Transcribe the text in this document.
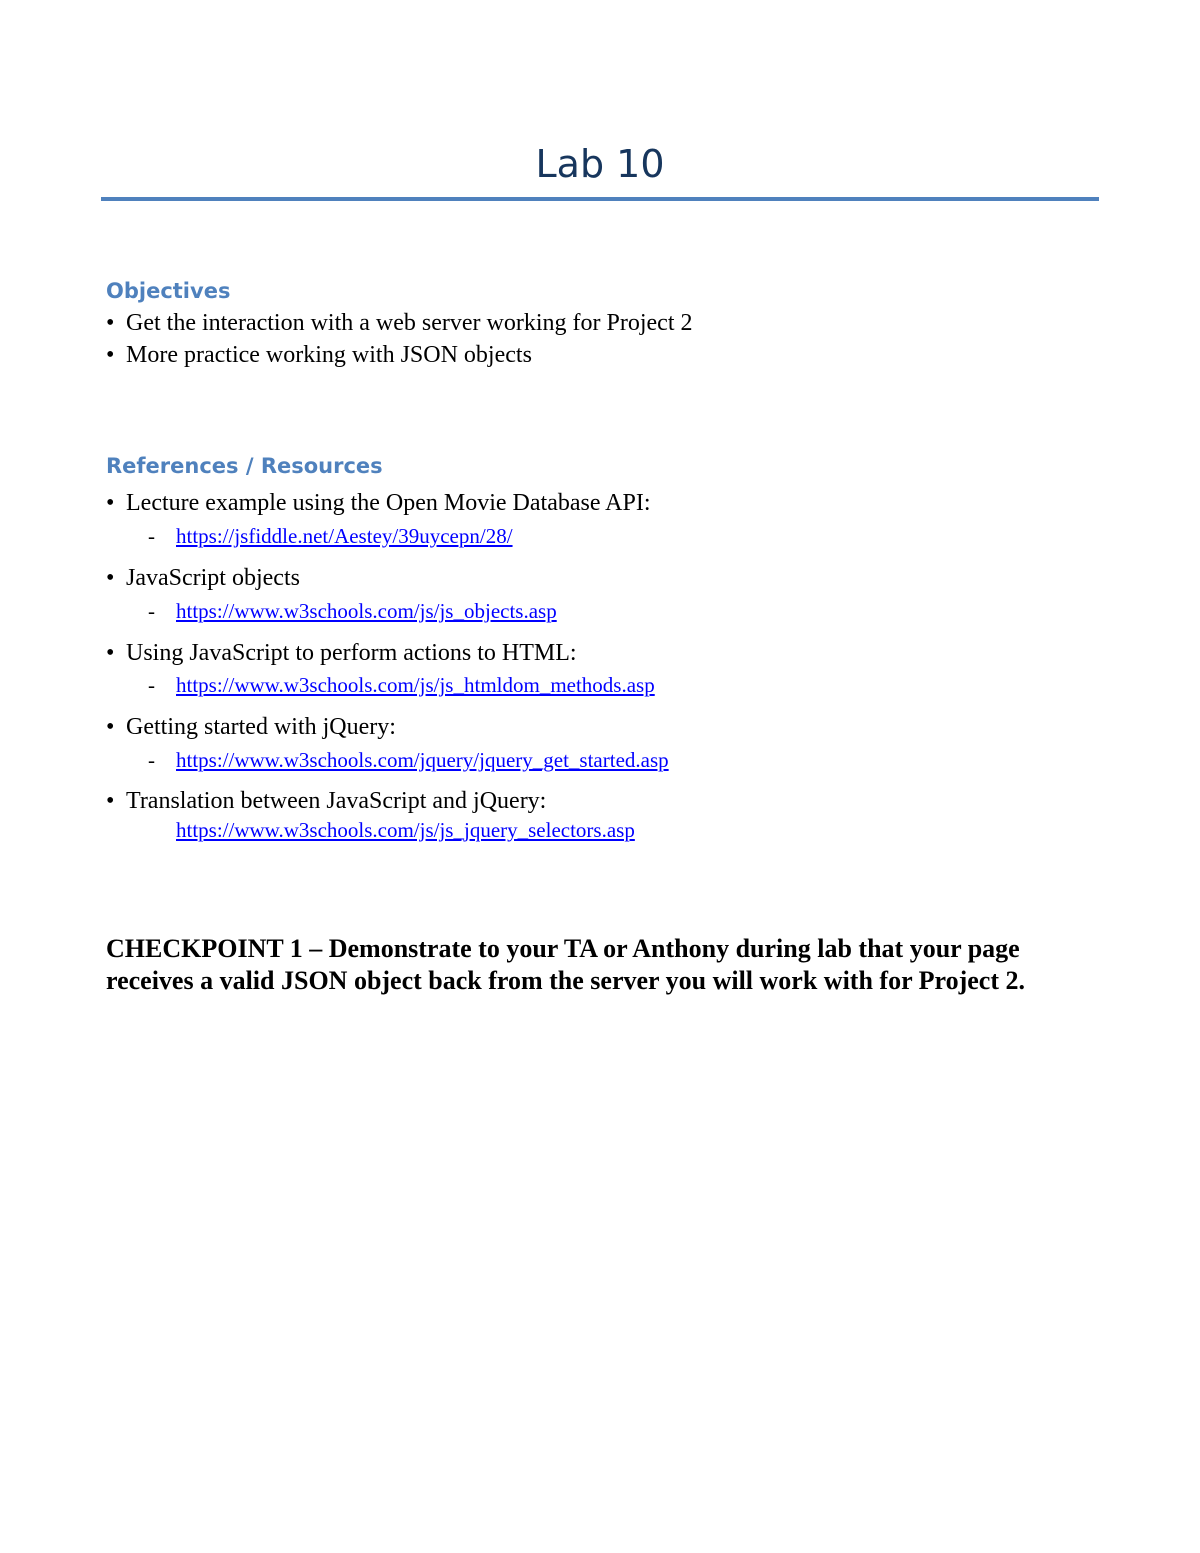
Lab 10
Objectives
• Get the interaction with a web server working for Project 2
• More practice working with JSON objects
References / Resources
• Lecture example using the Open Movie Database API:
- https://jsfiddle.net/Aestey/39uycepn/28/
• JavaScript objects
- https://www.w3schools.com/js/js_objects.asp
• Using JavaScript to perform actions to HTML:
- https://www.w3schools.com/js/js_htmldom_methods.asp
• Getting started with jQuery:
- https://www.w3schools.com/jquery/jquery_get_started.asp
• Translation between JavaScript and jQuery:
https://www.w3schools.com/js/js_jquery_selectors.asp

CHECKPOINT 1 – Demonstrate to your TA or Anthony during lab that your page receives a valid JSON object back from the server you will work with for Project 2.
